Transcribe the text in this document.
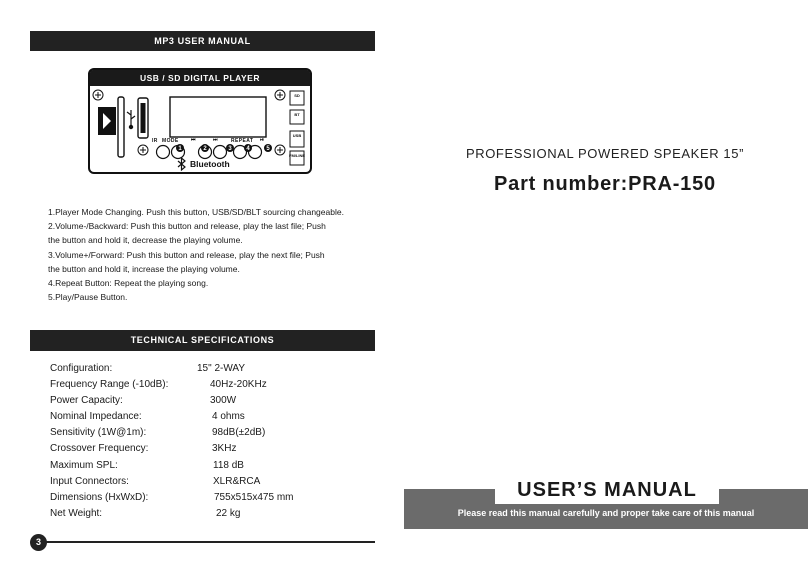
MP3 USER MANUAL
USB / SD DIGITAL PLAYER
1	2	3 4	5
SD
BT
USB
FM/LINE
IR MODE ⏮	⏭	REPEAT ⏯
Bluetooth

1.Player Mode Changing. Push this button, USB/SD/BLT sourcing changeable.

2.Volume-/Backward: Push this button and release, play the last file; Push

the button and hold it, decrease the playing volume.

3.Volume+/Forward: Push this button and release, play the next file; Push

the button and hold it, increase the playing volume.

4.Repeat Button: Repeat the playing song.

5.Play/Pause Button.

TECHNICAL SPECIFICATIONS
Configuration:	15" 2-WAY
Frequency Range (-10dB):	40Hz-20KHz
Power Capacity:	300W
Nominal Impedance:	4 ohms
Sensitivity (1W@1m):	98dB(±2dB)
Crossover Frequency:	3KHz
Maximum SPL:	118 dB
Input Connectors:	XLR&RCA
Dimensions (HxWxD):	755x515x475 mm
Net Weight:	22 kg
3
PROFESSIONAL POWERED SPEAKER 15”
Part number:PRA-150
USER’S MANUAL
Please read this manual carefully and proper take care of this manual
